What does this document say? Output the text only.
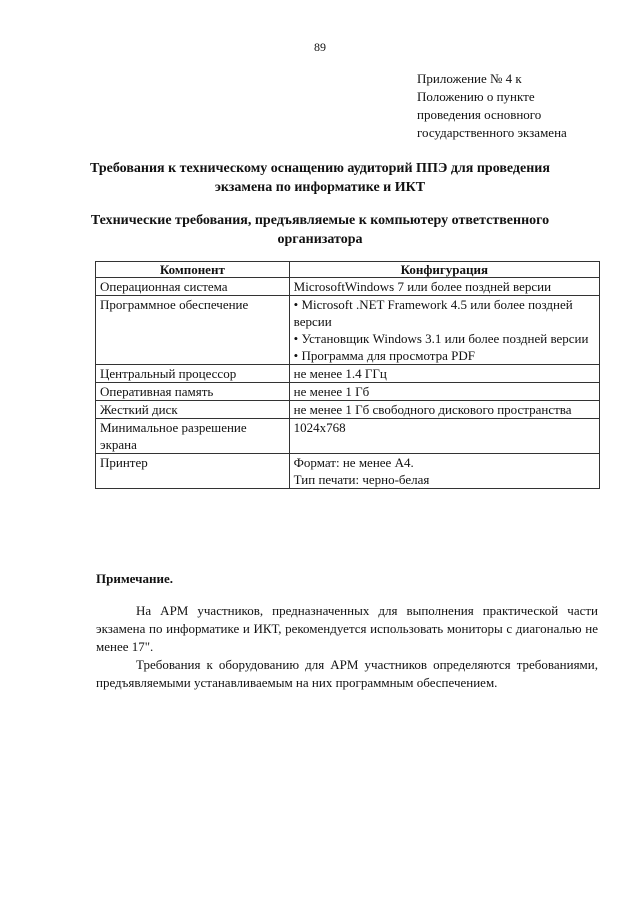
89
Приложение № 4 к
Положению о пункте
проведения основного
государственного экзамена
Требования к техническому оснащению аудиторий ППЭ для проведения экзамена по информатике и ИКТ
Технические требования, предъявляемые к компьютеру ответственного организатора
Компонент	Конфигурация
Операционная система	MicrosoftWindows 7 или более поздней версии

Программное обеспечение	• Microsoft .NET Framework 4.5 или более поздней версии
• Установщик Windows 3.1 или более поздней версии
• Программа для просмотра PDF

Центральный процессор	не менее 1.4 ГГц

Оперативная память	не менее 1 Гб

Жесткий диск	не менее 1 Гб свободного дискового пространства

Минимальное разрешение экрана	1024x768

Принтер	Формат: не менее А4.
Тип печати: черно-белая
Примечание.
На АРМ участников, предназначенных для выполнения практической части экзамена по информатике и ИКТ, рекомендуется использовать мониторы с диагональю не менее 17".
Требования к оборудованию для АРМ участников определяются требованиями, предъявляемыми устанавливаемым на них программным обеспечением.
